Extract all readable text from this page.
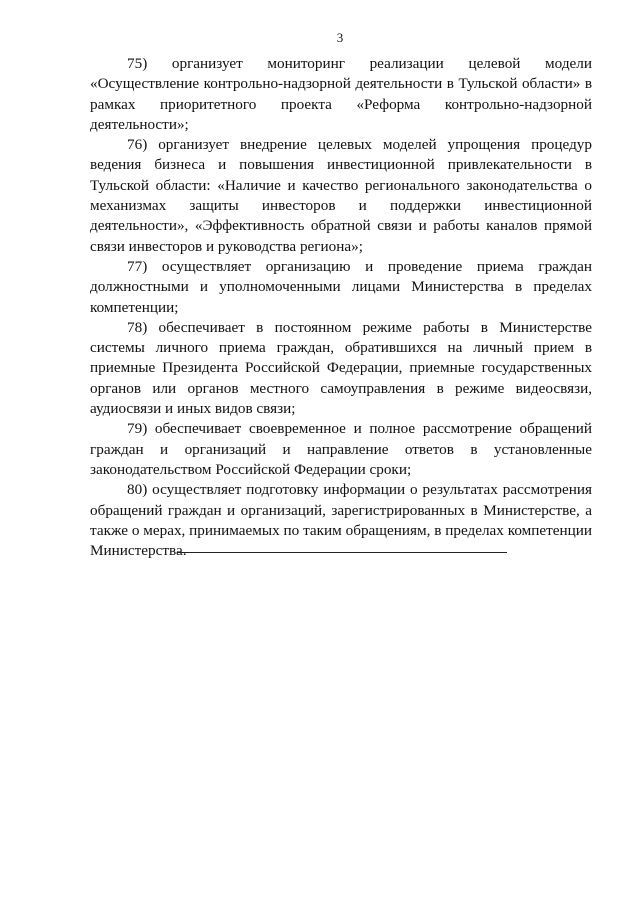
3

75) организует мониторинг реализации целевой модели «Осуществление контрольно-надзорной деятельности в Тульской области» в рамках приоритетного проекта «Реформа контрольно-надзорной деятельности»;

76) организует внедрение целевых моделей упрощения процедур ведения бизнеса и повышения инвестиционной привлекательности в Тульской области: «Наличие и качество регионального законодательства о механизмах защиты инвесторов и поддержки инвестиционной деятельности», «Эффективность обратной связи и работы каналов прямой связи инвесторов и руководства региона»;

77) осуществляет организацию и проведение приема граждан должностными и уполномоченными лицами Министерства в пределах компетенции;

78) обеспечивает в постоянном режиме работы в Министерстве системы личного приема граждан, обратившихся на личный прием в приемные Президента Российской Федерации, приемные государственных органов или органов местного самоуправления в режиме видеосвязи, аудиосвязи и иных видов связи;

79) обеспечивает своевременное и полное рассмотрение обращений граждан и организаций и направление ответов в установленные законодательством Российской Федерации сроки;

80) осуществляет подготовку информации о результатах рассмотрения обращений граждан и организаций, зарегистрированных в Министерстве, а также о мерах, принимаемых по таким обращениям, в пределах компетенции Министерства.
